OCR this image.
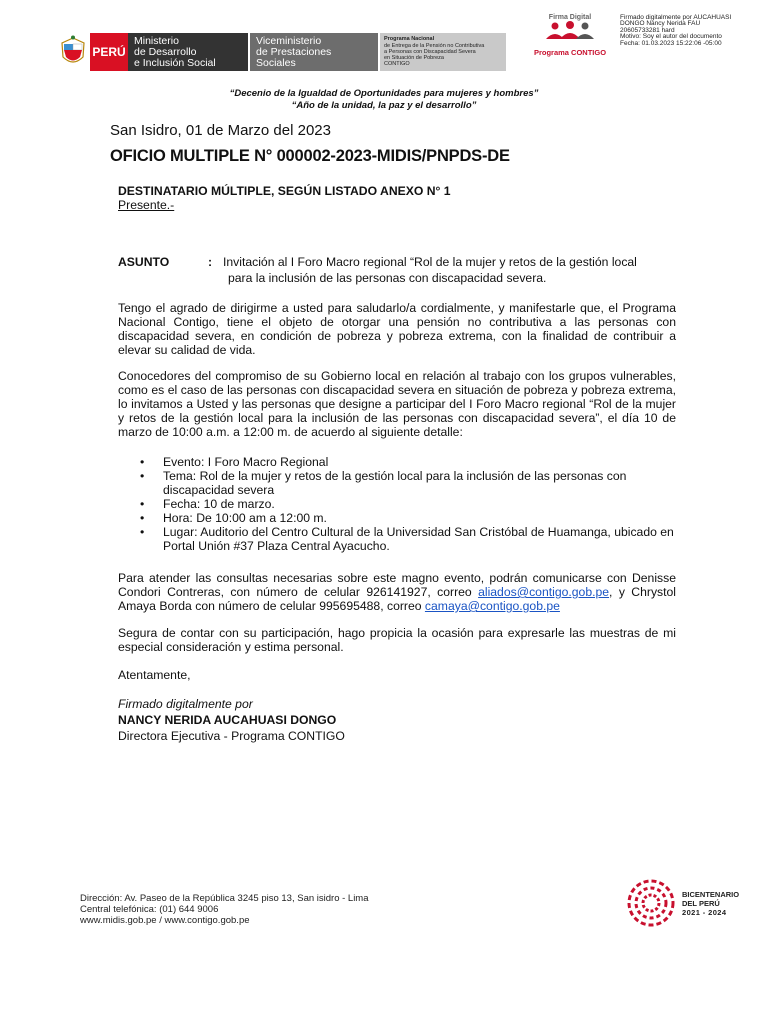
PERÚ
Ministerio
de Desarrollo
e Inclusión Social
Viceministerio
de Prestaciones Sociales
Programa Nacional
de Entrega de la Pensión no Contributiva
a Personas con Discapacidad Severa
en Situación de Pobreza
CONTIGO
Firma Digital
Programa CONTIGO
Firmado digitalmente por AUCAHUASI
DONGO Nancy Nerida FAU
20605733281 hard
Motivo: Soy el autor del documento
Fecha: 01.03.2023 15:22:06 -05:00
“Decenio de la Igualdad de Oportunidades para mujeres y hombres”
“Año de la unidad, la paz y el desarrollo”
San Isidro, 01 de Marzo del 2023
OFICIO MULTIPLE N° 000002-2023-MIDIS/PNPDS-DE
DESTINATARIO MÚLTIPLE, SEGÚN LISTADO ANEXO N° 1
Presente.-
ASUNTO	: Invitación al I Foro Macro regional “Rol de la mujer y retos de la gestión local
para la inclusión de las personas con discapacidad severa.
Tengo el agrado de dirigirme a usted para saludarlo/a cordialmente, y manifestarle que, el Programa Nacional Contigo, tiene el objeto de otorgar una pensión no contributiva a las personas con discapacidad severa, en condición de pobreza y pobreza extrema, con la finalidad de contribuir a elevar su calidad de vida.
Conocedores del compromiso de su Gobierno local en relación al trabajo con los grupos vulnerables, como es el caso de las personas con discapacidad severa en situación de pobreza y pobreza extrema, lo invitamos a Usted y las personas que designe a participar del I Foro Macro regional “Rol de la mujer y retos de la gestión local para la inclusión de las personas con discapacidad severa”, el día 10 de marzo de 10:00 a.m. a 12:00 m. de acuerdo al siguiente detalle:
• Evento: I Foro Macro Regional
• Tema: Rol de la mujer y retos de la gestión local para la inclusión de las personas con discapacidad severa
• Fecha: 10 de marzo.
• Hora: De 10:00 am a 12:00 m.
• Lugar: Auditorio del Centro Cultural de la Universidad San Cristóbal de Huamanga, ubicado en Portal Unión #37 Plaza Central Ayacucho.
Para atender las consultas necesarias sobre este magno evento, podrán comunicarse con Denisse Condori Contreras, con número de celular 926141927, correo aliados@contigo.gob.pe, y Chrystol Amaya Borda con número de celular 995695488, correo camaya@contigo.gob.pe
Segura de contar con su participación, hago propicia la ocasión para expresarle las muestras de mi especial consideración y estima personal.
Atentamente,
Firmado digitalmente por
NANCY NERIDA AUCAHUASI DONGO
Directora Ejecutiva - Programa CONTIGO
Dirección: Av. Paseo de la República 3245 piso 13, San isidro - Lima
Central telefónica: (01) 644 9006
www.midis.gob.pe / www.contigo.gob.pe
BICENTENARIO
DEL PERÚ
2021 - 2024
